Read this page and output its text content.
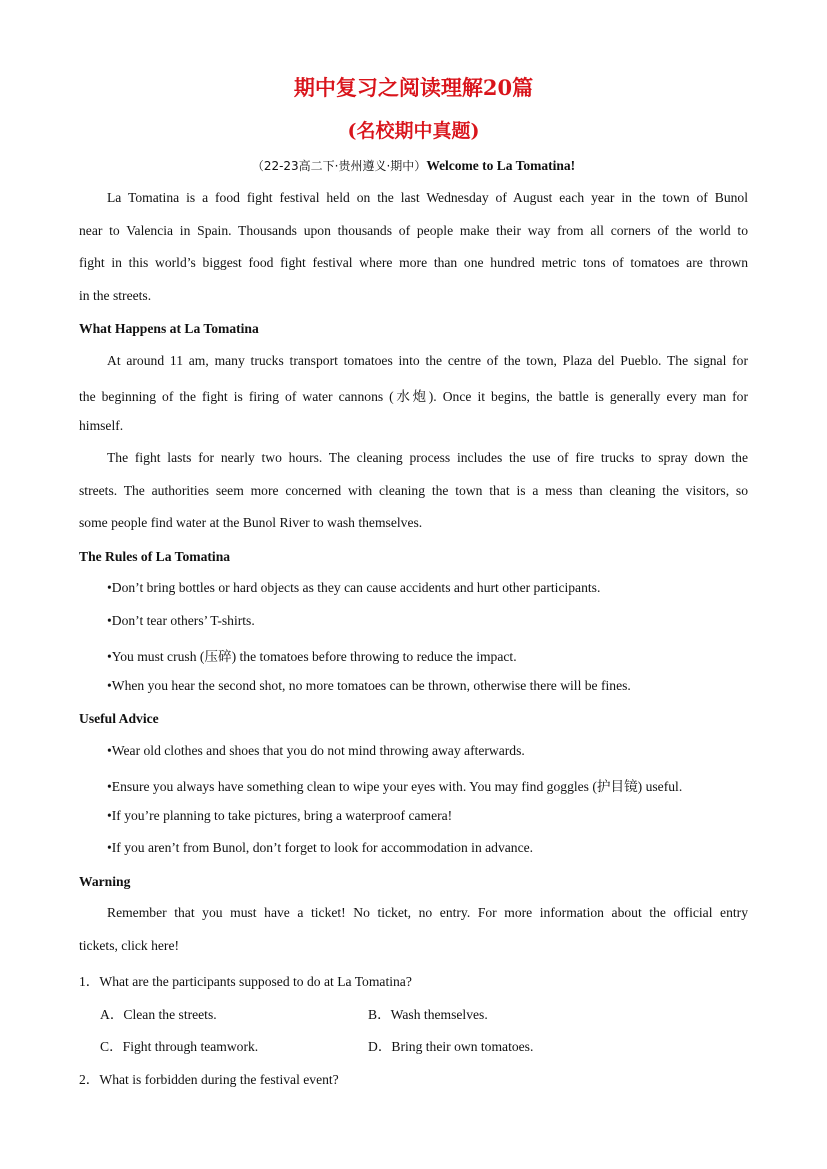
期中复习之阅读理解20篇
(名校期中真题)
（22-23高二下·贵州遵义·期中）Welcome to La Tomatina!
La Tomatina is a food fight festival held on the last Wednesday of August each year in the town of Bunol
near to Valencia in Spain. Thousands upon thousands of people make their way from all corners of the world to
fight in this world’s biggest food fight festival where more than one hundred metric tons of tomatoes are thrown
in the streets.
What Happens at La Tomatina
At around 11 am, many trucks transport tomatoes into the centre of the town, Plaza del Pueblo. The signal for
the beginning of the fight is firing of water cannons (水炮). Once it begins, the battle is generally every man for
himself.
The fight lasts for nearly two hours. The cleaning process includes the use of fire trucks to spray down the
streets. The authorities seem more concerned with cleaning the town that is a mess than cleaning the visitors, so
some people find water at the Bunol River to wash themselves.
The Rules of La Tomatina
•Don’t bring bottles or hard objects as they can cause accidents and hurt other participants.
•Don’t tear others’ T-shirts.
•You must crush (压碎) the tomatoes before throwing to reduce the impact.
•When you hear the second shot, no more tomatoes can be thrown, otherwise there will be fines.
Useful Advice
•Wear old clothes and shoes that you do not mind throwing away afterwards.
•Ensure you always have something clean to wipe your eyes with. You may find goggles (护目镜) useful.
•If you’re planning to take pictures, bring a waterproof camera!
•If you aren’t from Bunol, don’t forget to look for accommodation in advance.
Warning
Remember that you must have a ticket! No ticket, no entry. For more information about the official entry
tickets, click here!
1．What are the participants supposed to do at La Tomatina?
A．Clean the streets.	B．Wash themselves.
C．Fight through teamwork.	D．Bring their own tomatoes.
2．What is forbidden during the festival event?
